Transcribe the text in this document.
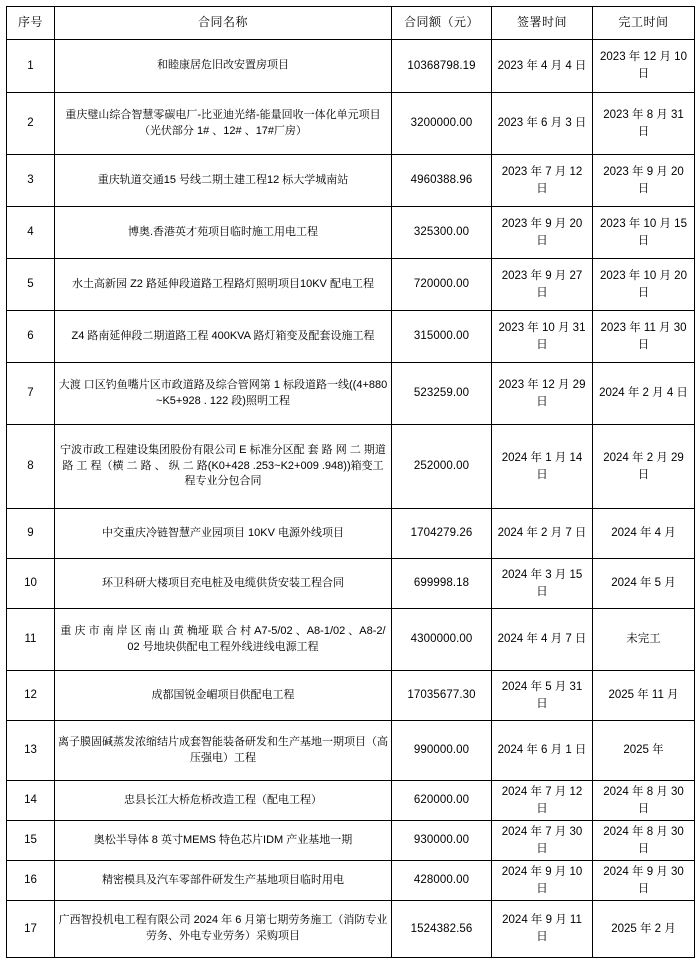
序号	合同名称	合同额（元）	签署时间	完工时间
1	和睦康居危旧改安置房项目	10368798.19	2023 年 4 月 4 日	2023 年 12 月 10 日
2	重庆璧山综合智慧零碳电厂-比亚迪光绪-能量回收一体化单元项目（光伏部分 1# 、12# 、17#厂房）	3200000.00	2023 年 6 月 3 日	2023 年 8 月 31 日
3	重庆轨道交通15 号线二期土建工程12 标大学城南站	4960388.96	2023 年 7 月 12 日	2023 年 9 月 20 日
4	博奥.香港英才苑项目临时施工用电工程	325300.00	2023 年 9 月 20 日	2023 年 10 月 15 日
5	水土高新园 Z2 路延伸段道路工程路灯照明项目10KV 配电工程	720000.00	2023 年 9 月 27 日	2023 年 10 月 20 日
6	Z4 路南延伸段二期道路工程 400KVA 路灯箱变及配套设施工程	315000.00	2023 年 10 月 31 日	2023 年 11 月 30 日
7	大渡 口区钓鱼嘴片区市政道路及综合管网第 1 标段道路一线((4+880~K5+928 . 122 段)照明工程	523259.00	2023 年 12 月 29 日	2024 年 2 月 4 日
8	宁波市政工程建设集团股份有限公司 E 标准分区配 套 路 网 二 期道 路 工 程（横 二 路 、 纵 二 路(K0+428 .253~K2+009 .948))箱变工程专业分包合同	252000.00	2024 年 1 月 14 日	2024 年 2 月 29 日
9	中交重庆冷链智慧产业园项目 10KV 电源外线项目	1704279.26	2024 年 2 月 7 日	2024 年 4 月
10	环卫科研大楼项目充电桩及电缆供货安装工程合同	699998.18	2024 年 3 月 15 日	2024 年 5 月
11	重 庆 市 南 岸 区 南 山 黄 桷垭 联 合 村 A7-5/02 、A8-1/02 、A8-2/02 号地块供配电工程外线进线电源工程	4300000.00	2024 年 4 月 7 日	未完工
12	成都国锐金嵋项目供配电工程	17035677.30	2024 年 5 月 31 日	2025 年 11 月
13	离子膜固碱蒸发浓缩结片成套智能装备研发和生产基地一期项目（高压强电）工程	990000.00	2024 年 6 月 1 日	2025 年
14	忠县长江大桥危桥改造工程（配电工程）	620000.00	2024 年 7 月 12 日	2024 年 8 月 30 日
15	奥松半导体 8 英寸MEMS 特色芯片IDM 产业基地一期	930000.00	2024 年 7 月 30 日	2024 年 8 月 30 日
16	精密模具及汽车零部件研发生产基地项目临时用电	428000.00	2024 年 9 月 10 日	2024 年 9 月 30 日
17	广西智投机电工程有限公司 2024 年 6 月第七期劳务施工（消防专业劳务、外电专业劳务）采购项目	1524382.56	2024 年 9 月 11 日	2025 年 2 月
